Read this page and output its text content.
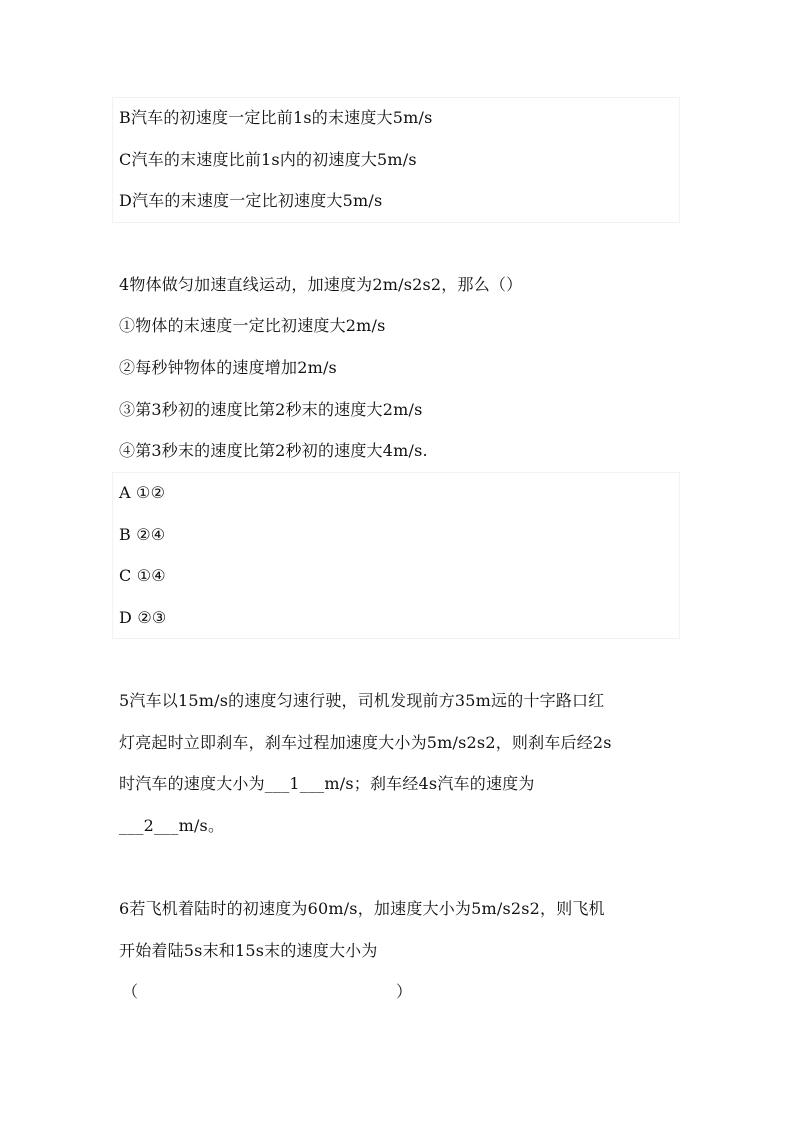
B汽车的初速度一定比前1s的末速度大5m/s
C汽车的末速度比前1s内的初速度大5m/s
D汽车的末速度一定比初速度大5m/s
4物体做匀加速直线运动，加速度为2m/s2s2，那么（）
①物体的末速度一定比初速度大2m/s
②每秒钟物体的速度增加2m/s
③第3秒初的速度比第2秒末的速度大2m/s
④第3秒末的速度比第2秒初的速度大4m/s.
A ①②
B ②④
C ①④
D ②③
5汽车以15m/s的速度匀速行驶，司机发现前方35m远的十字路口红
灯亮起时立即刹车，刹车过程加速度大小为5m/s2s2，则刹车后经2s
时汽车的速度大小为___1___m/s；刹车经4s汽车的速度为
___2___m/s。
6若飞机着陆时的初速度为60m/s，加速度大小为5m/s2s2，则飞机
开始着陆5s末和15s末的速度大小为
（	）
